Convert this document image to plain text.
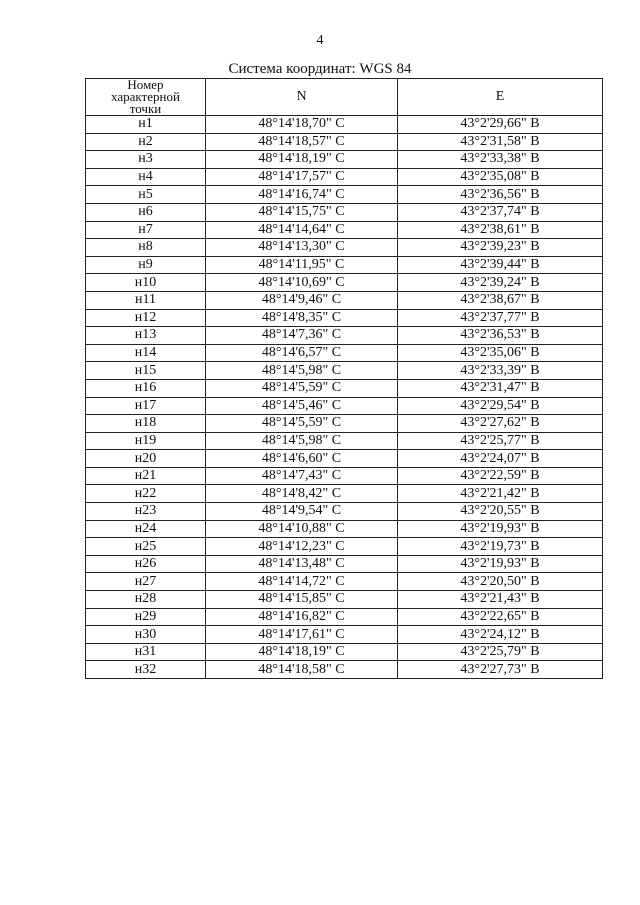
4
Система координат: WGS 84
Номер
характерной
точки	N	E
н1	48°14'18,70" С	43°2'29,66" В
н2	48°14'18,57" С	43°2'31,58" В
н3	48°14'18,19" С	43°2'33,38" В
н4	48°14'17,57" С	43°2'35,08" В
н5	48°14'16,74" С	43°2'36,56" В
н6	48°14'15,75" С	43°2'37,74" В
н7	48°14'14,64" С	43°2'38,61" В
н8	48°14'13,30" С	43°2'39,23" В
н9	48°14'11,95" С	43°2'39,44" В
н10	48°14'10,69" С	43°2'39,24" В
н11	48°14'9,46" С	43°2'38,67" В
н12	48°14'8,35" С	43°2'37,77" В
н13	48°14'7,36" С	43°2'36,53" В
н14	48°14'6,57" С	43°2'35,06" В
н15	48°14'5,98" С	43°2'33,39" В
н16	48°14'5,59" С	43°2'31,47" В
н17	48°14'5,46" С	43°2'29,54" В
н18	48°14'5,59" С	43°2'27,62" В
н19	48°14'5,98" С	43°2'25,77" В
н20	48°14'6,60" С	43°2'24,07" В
н21	48°14'7,43" С	43°2'22,59" В
н22	48°14'8,42" С	43°2'21,42" В
н23	48°14'9,54" С	43°2'20,55" В
н24	48°14'10,88" С	43°2'19,93" В
н25	48°14'12,23" С	43°2'19,73" В
н26	48°14'13,48" С	43°2'19,93" В
н27	48°14'14,72" С	43°2'20,50" В
н28	48°14'15,85" С	43°2'21,43" В
н29	48°14'16,82" С	43°2'22,65" В
н30	48°14'17,61" С	43°2'24,12" В
н31	48°14'18,19" С	43°2'25,79" В
н32	48°14'18,58" С	43°2'27,73" В
